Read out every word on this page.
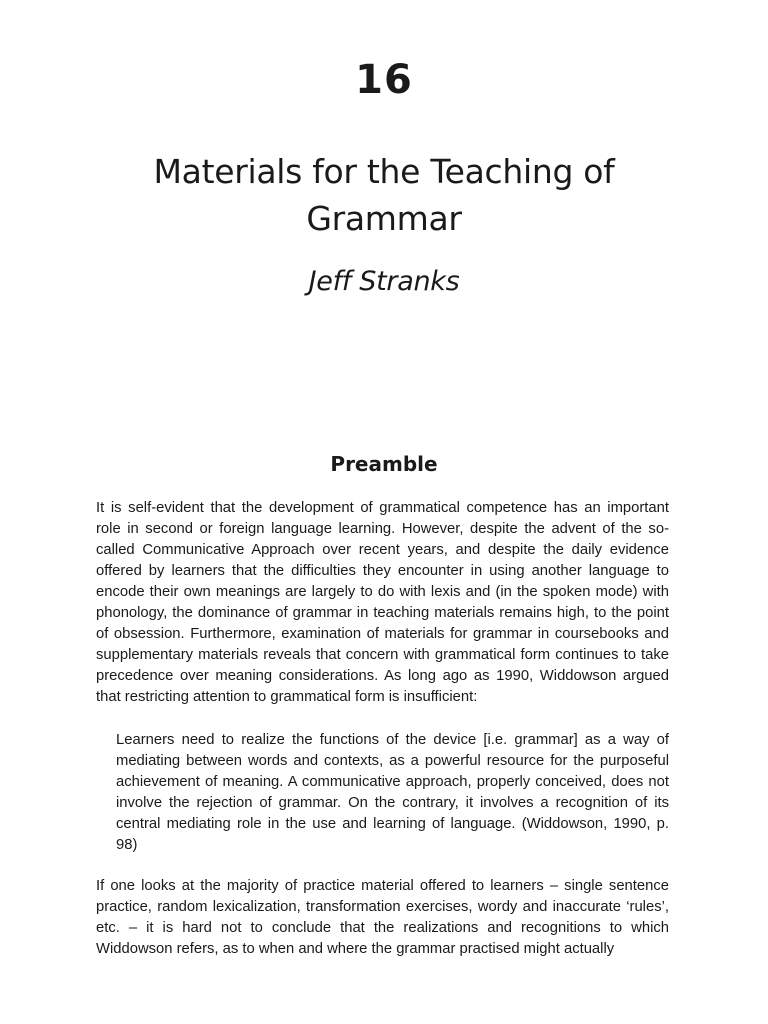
16
Materials for the Teaching of Grammar
Jeff Stranks
Preamble

It is self-evident that the development of grammatical competence has an important role in second or foreign language learning. However, despite the advent of the so-called Communicative Approach over recent years, and despite the daily evidence offered by learners that the difficulties they encounter in using another language to encode their own meanings are largely to do with lexis and (in the spoken mode) with phonology, the dominance of grammar in teaching materials remains high, to the point of obsession. Furthermore, examination of materials for grammar in coursebooks and supplementary materials reveals that concern with grammatical form continues to take precedence over meaning considerations. As long ago as 1990, Widdowson argued that restricting attention to grammatical form is insufficient:

Learners need to realize the functions of the device [i.e. grammar] as a way of mediating between words and contexts, as a powerful resource for the purposeful achievement of meaning. A communicative approach, properly conceived, does not involve the rejection of grammar. On the contrary, it involves a recognition of its central mediating role in the use and learning of language. (Widdowson, 1990, p. 98)

If one looks at the majority of practice material offered to learners – single sentence practice, random lexicalization, transformation exercises, wordy and inaccurate ‘rules’, etc. – it is hard not to conclude that the realizations and recognitions to which Widdowson refers, as to when and where the grammar practised might actually
